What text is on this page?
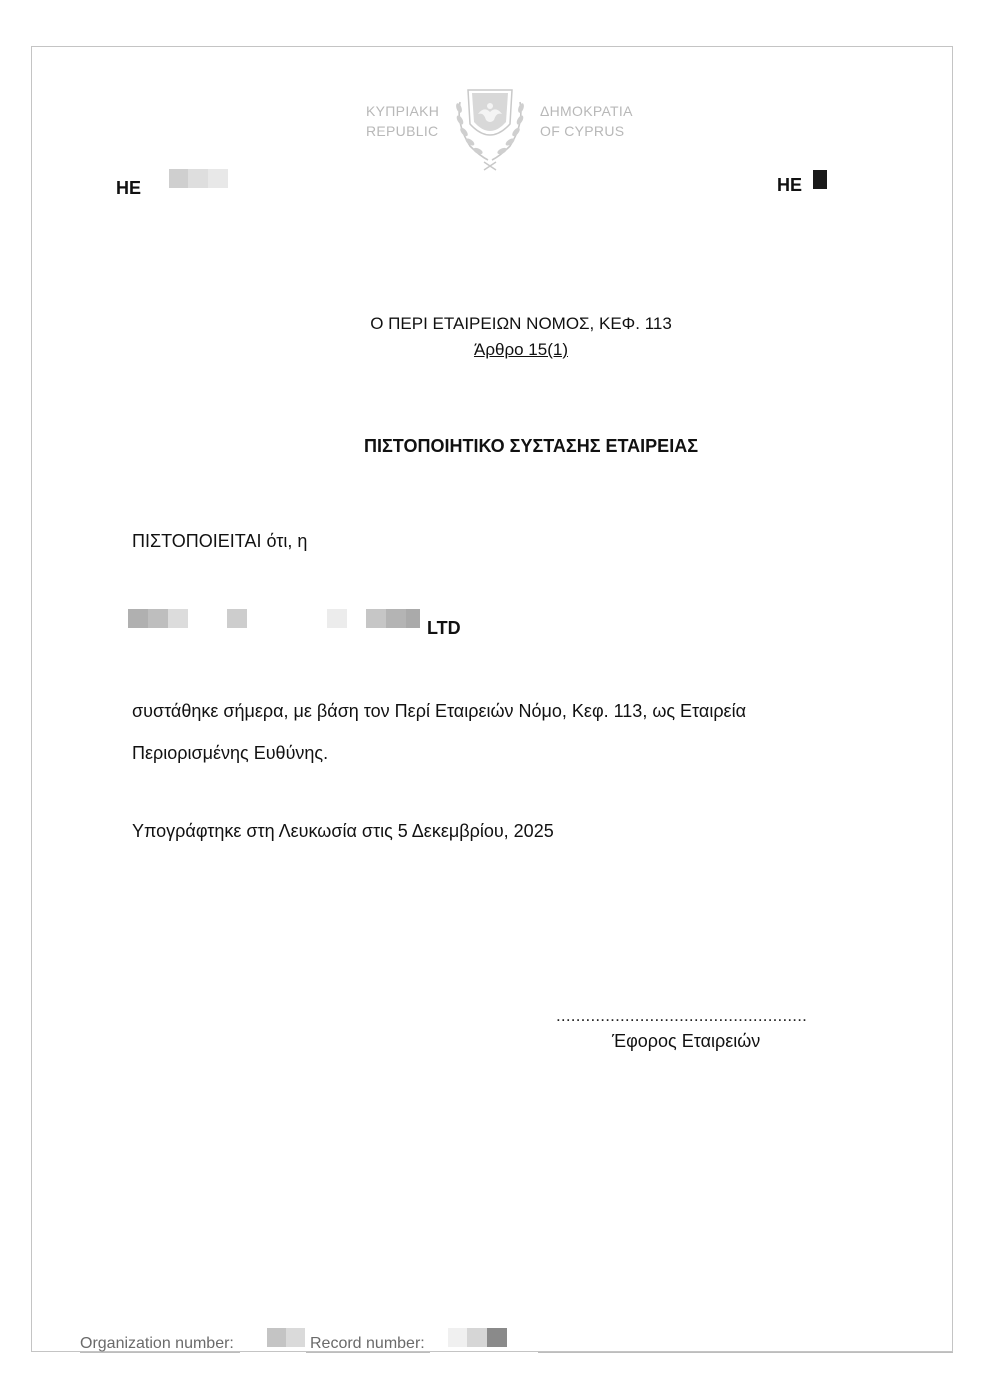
ΚΥΠΡΙΑΚΗ
REPUBLIC
ΔΗΜΟΚΡΑΤΙΑ
OF CYPRUS
HE	HE
Ο ΠΕΡΙ ΕΤΑΙΡΕΙΩΝ ΝΟΜΟΣ, ΚΕΦ. 113
Άρθρο 15(1)
ΠΙΣΤΟΠΟΙΗΤΙΚΟ ΣΥΣΤΑΣΗΣ ΕΤΑΙΡΕΙΑΣ
ΠΙΣΤΟΠΟΙΕΙΤΑΙ ότι, η
LTD
συστάθηκε σήμερα, με βάση τον Περί Εταιρειών Νόμο, Κεφ. 113, ως Εταιρεία
Περιορισμένης Ευθύνης.
Υπογράφτηκε στη Λευκωσία στις 5 Δεκεμβρίου, 2025
...................................................
Έφορος Εταιρειών
Organization number:	Record number:
